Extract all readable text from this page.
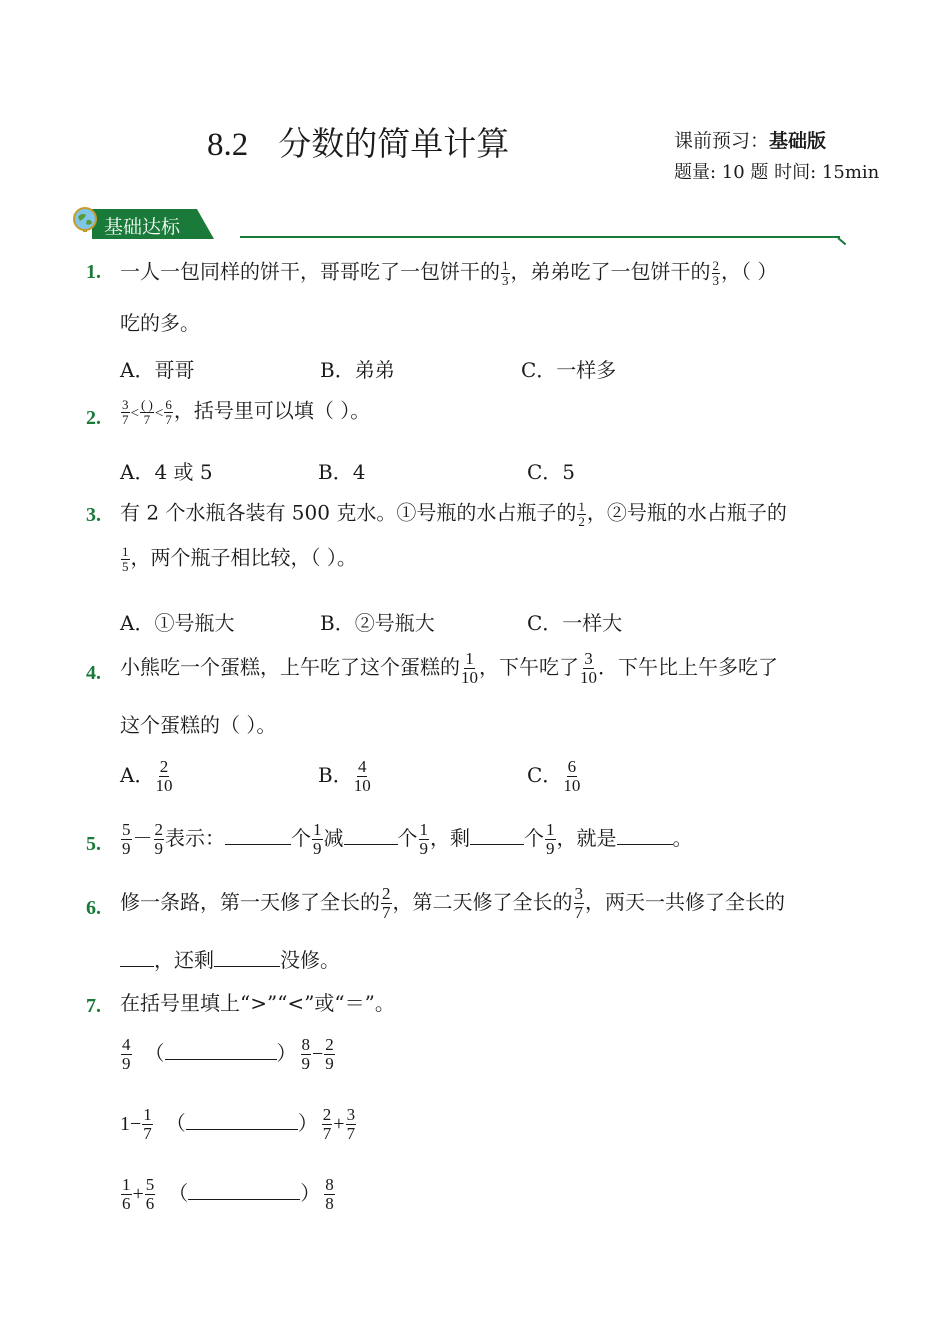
8.2 分数的简单计算	课前预习：基础版
题量: 10 题 时间: 15min
基础达标
1. 一人一包同样的饼干，哥哥吃了一包饼干的 $\frac{1}{3}$ ，弟弟吃了一包饼干的 $\frac{2}{3}$ ，（ ）
吃的多。
A．哥哥	B．弟弟	C．一样多
2. $\frac{3}{7} < \frac{( )}{7} < \frac{6}{7}$ ，括号里可以填（ ）。
A．4 或 5	B．4	C．5
3. 有 2 个水瓶各装有 500 克水。①号瓶的水占瓶子的 $\frac{1}{2}$ ，②号瓶的水占瓶子的
$\frac{1}{5}$ ，两个瓶子相比较，（ ）。
A．①号瓶大	B．②号瓶大	C．一样大
4. 小熊吃一个蛋糕，上午吃了这个蛋糕的 $\frac{1}{10}$ ，下午吃了 $\frac{3}{10}$ ．下午比上午多吃了
这个蛋糕的（ ）。
A． $\frac{2}{10}$	B． $\frac{4}{10}$	C． $\frac{6}{10}$
5. $\frac{5}{9} - \frac{2}{9}$ 表示：	个 $\frac{1}{9}$ 减	个 $\frac{1}{9}$ ，剩	个 $\frac{1}{9}$ ，就是	。
6. 修一条路，第一天修了全长的 $\frac{2}{7}$ ，第二天修了全长的 $\frac{3}{7}$ ，两天一共修了全长的
，还剩	没修。
7. 在括号里填上“>”“<”或“＝”。
$\frac{4}{9}$ （	） $\frac{8}{9} - \frac{2}{9}$
$1- \frac{1}{7}$ （	） $\frac{2}{7} + \frac{3}{7}$
$\frac{1}{6} + \frac{5}{6}$ （	） $\frac{8}{8}$
